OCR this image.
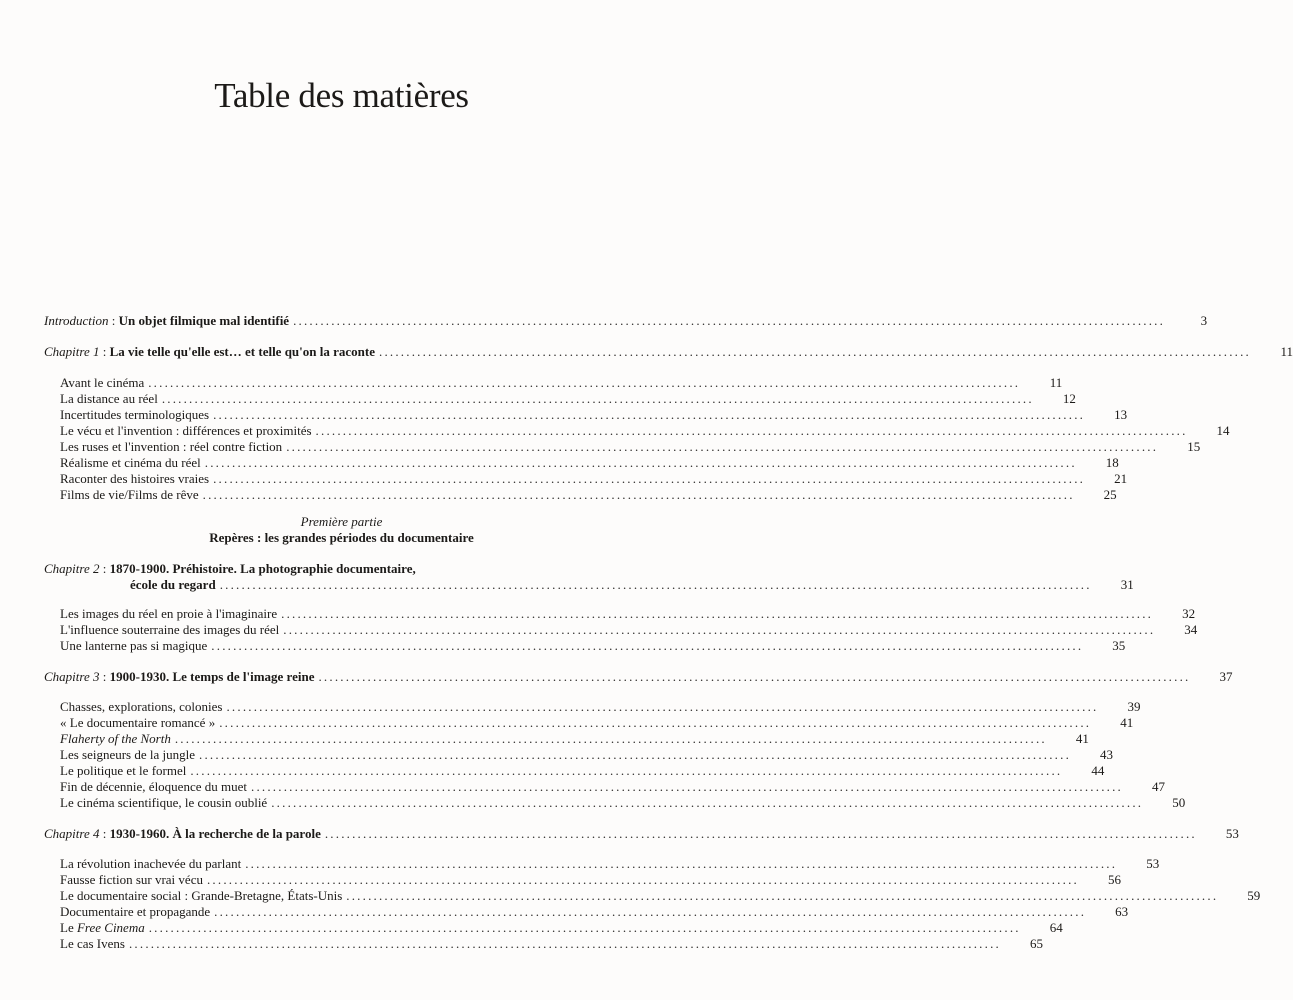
Table des matières
Introduction : Un objet filmique mal identifié ................................................................................................................................................................	3
Chapitre 1 : La vie telle qu'elle est… et telle qu'on la raconte ................................................................................................................................................................	11
Avant le cinéma ................................................................................................................................................................	11
La distance au réel ................................................................................................................................................................	12
Incertitudes terminologiques ................................................................................................................................................................	13
Le vécu et l'invention : différences et proximités ................................................................................................................................................................	14
Les ruses et l'invention : réel contre fiction ................................................................................................................................................................	15
Réalisme et cinéma du réel ................................................................................................................................................................	18
Raconter des histoires vraies ................................................................................................................................................................	21
Films de vie/Films de rêve ................................................................................................................................................................	25
Première partie
Repères : les grandes périodes du documentaire
Chapitre 2 : 1870-1900. Préhistoire. La photographie documentaire,
école du regard ................................................................................................................................................................	31
Les images du réel en proie à l'imaginaire ................................................................................................................................................................	32
L'influence souterraine des images du réel ................................................................................................................................................................	34
Une lanterne pas si magique ................................................................................................................................................................	35
Chapitre 3 : 1900-1930. Le temps de l'image reine ................................................................................................................................................................	37
Chasses, explorations, colonies ................................................................................................................................................................	39
« Le documentaire romancé » ................................................................................................................................................................	41
Flaherty of the North ................................................................................................................................................................	41
Les seigneurs de la jungle ................................................................................................................................................................	43
Le politique et le formel ................................................................................................................................................................	44
Fin de décennie, éloquence du muet ................................................................................................................................................................	47
Le cinéma scientifique, le cousin oublié ................................................................................................................................................................	50
Chapitre 4 : 1930-1960. À la recherche de la parole ................................................................................................................................................................	53
La révolution inachevée du parlant ................................................................................................................................................................	53
Fausse fiction sur vrai vécu ................................................................................................................................................................	56
Le documentaire social : Grande-Bretagne, États-Unis ................................................................................................................................................................	59
Documentaire et propagande ................................................................................................................................................................	63
Le Free Cinema ................................................................................................................................................................	64
Le cas Ivens ................................................................................................................................................................	65
